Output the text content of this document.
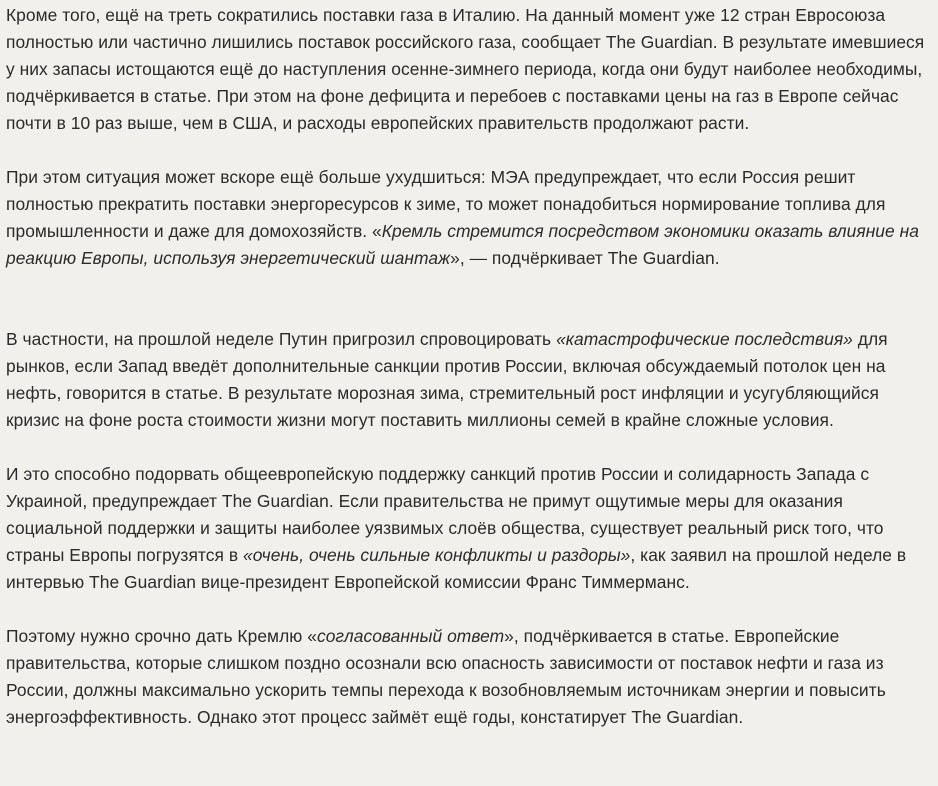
Кроме того, ещё на треть сократились поставки газа в Италию. На данный момент уже 12 стран Евросоюза полностью или частично лишились поставок российского газа, сообщает The Guardian. В результате имевшиеся у них запасы истощаются ещё до наступления осенне-зимнего периода, когда они будут наиболее необходимы, подчёркивается в статье. При этом на фоне дефицита и перебоев с поставками цены на газ в Европе сейчас почти в 10 раз выше, чем в США, и расходы европейских правительств продолжают расти.

При этом ситуация может вскоре ещё больше ухудшиться: МЭА предупреждает, что если Россия решит полностью прекратить поставки энергоресурсов к зиме, то может понадобиться нормирование топлива для промышленности и даже для домохозяйств. «Кремль стремится посредством экономики оказать влияние на реакцию Европы, используя энергетический шантаж», — подчёркивает The Guardian.

В частности, на прошлой неделе Путин пригрозил спровоцировать «катастрофические последствия» для рынков, если Запад введёт дополнительные санкции против России, включая обсуждаемый потолок цен на нефть, говорится в статье. В результате морозная зима, стремительный рост инфляции и усугубляющийся кризис на фоне роста стоимости жизни могут поставить миллионы семей в крайне сложные условия.

И это способно подорвать общеевропейскую поддержку санкций против России и солидарность Запада с Украиной, предупреждает The Guardian. Если правительства не примут ощутимые меры для оказания социальной поддержки и защиты наиболее уязвимых слоёв общества, существует реальный риск того, что страны Европы погрузятся в «очень, очень сильные конфликты и раздоры», как заявил на прошлой неделе в интервью The Guardian вице-президент Европейской комиссии Франс Тиммерманс.

Поэтому нужно срочно дать Кремлю «согласованный ответ», подчёркивается в статье. Европейские правительства, которые слишком поздно осознали всю опасность зависимости от поставок нефти и газа из России, должны максимально ускорить темпы перехода к возобновляемым источникам энергии и повысить энергоэффективность. Однако этот процесс займёт ещё годы, констатирует The Guardian.
